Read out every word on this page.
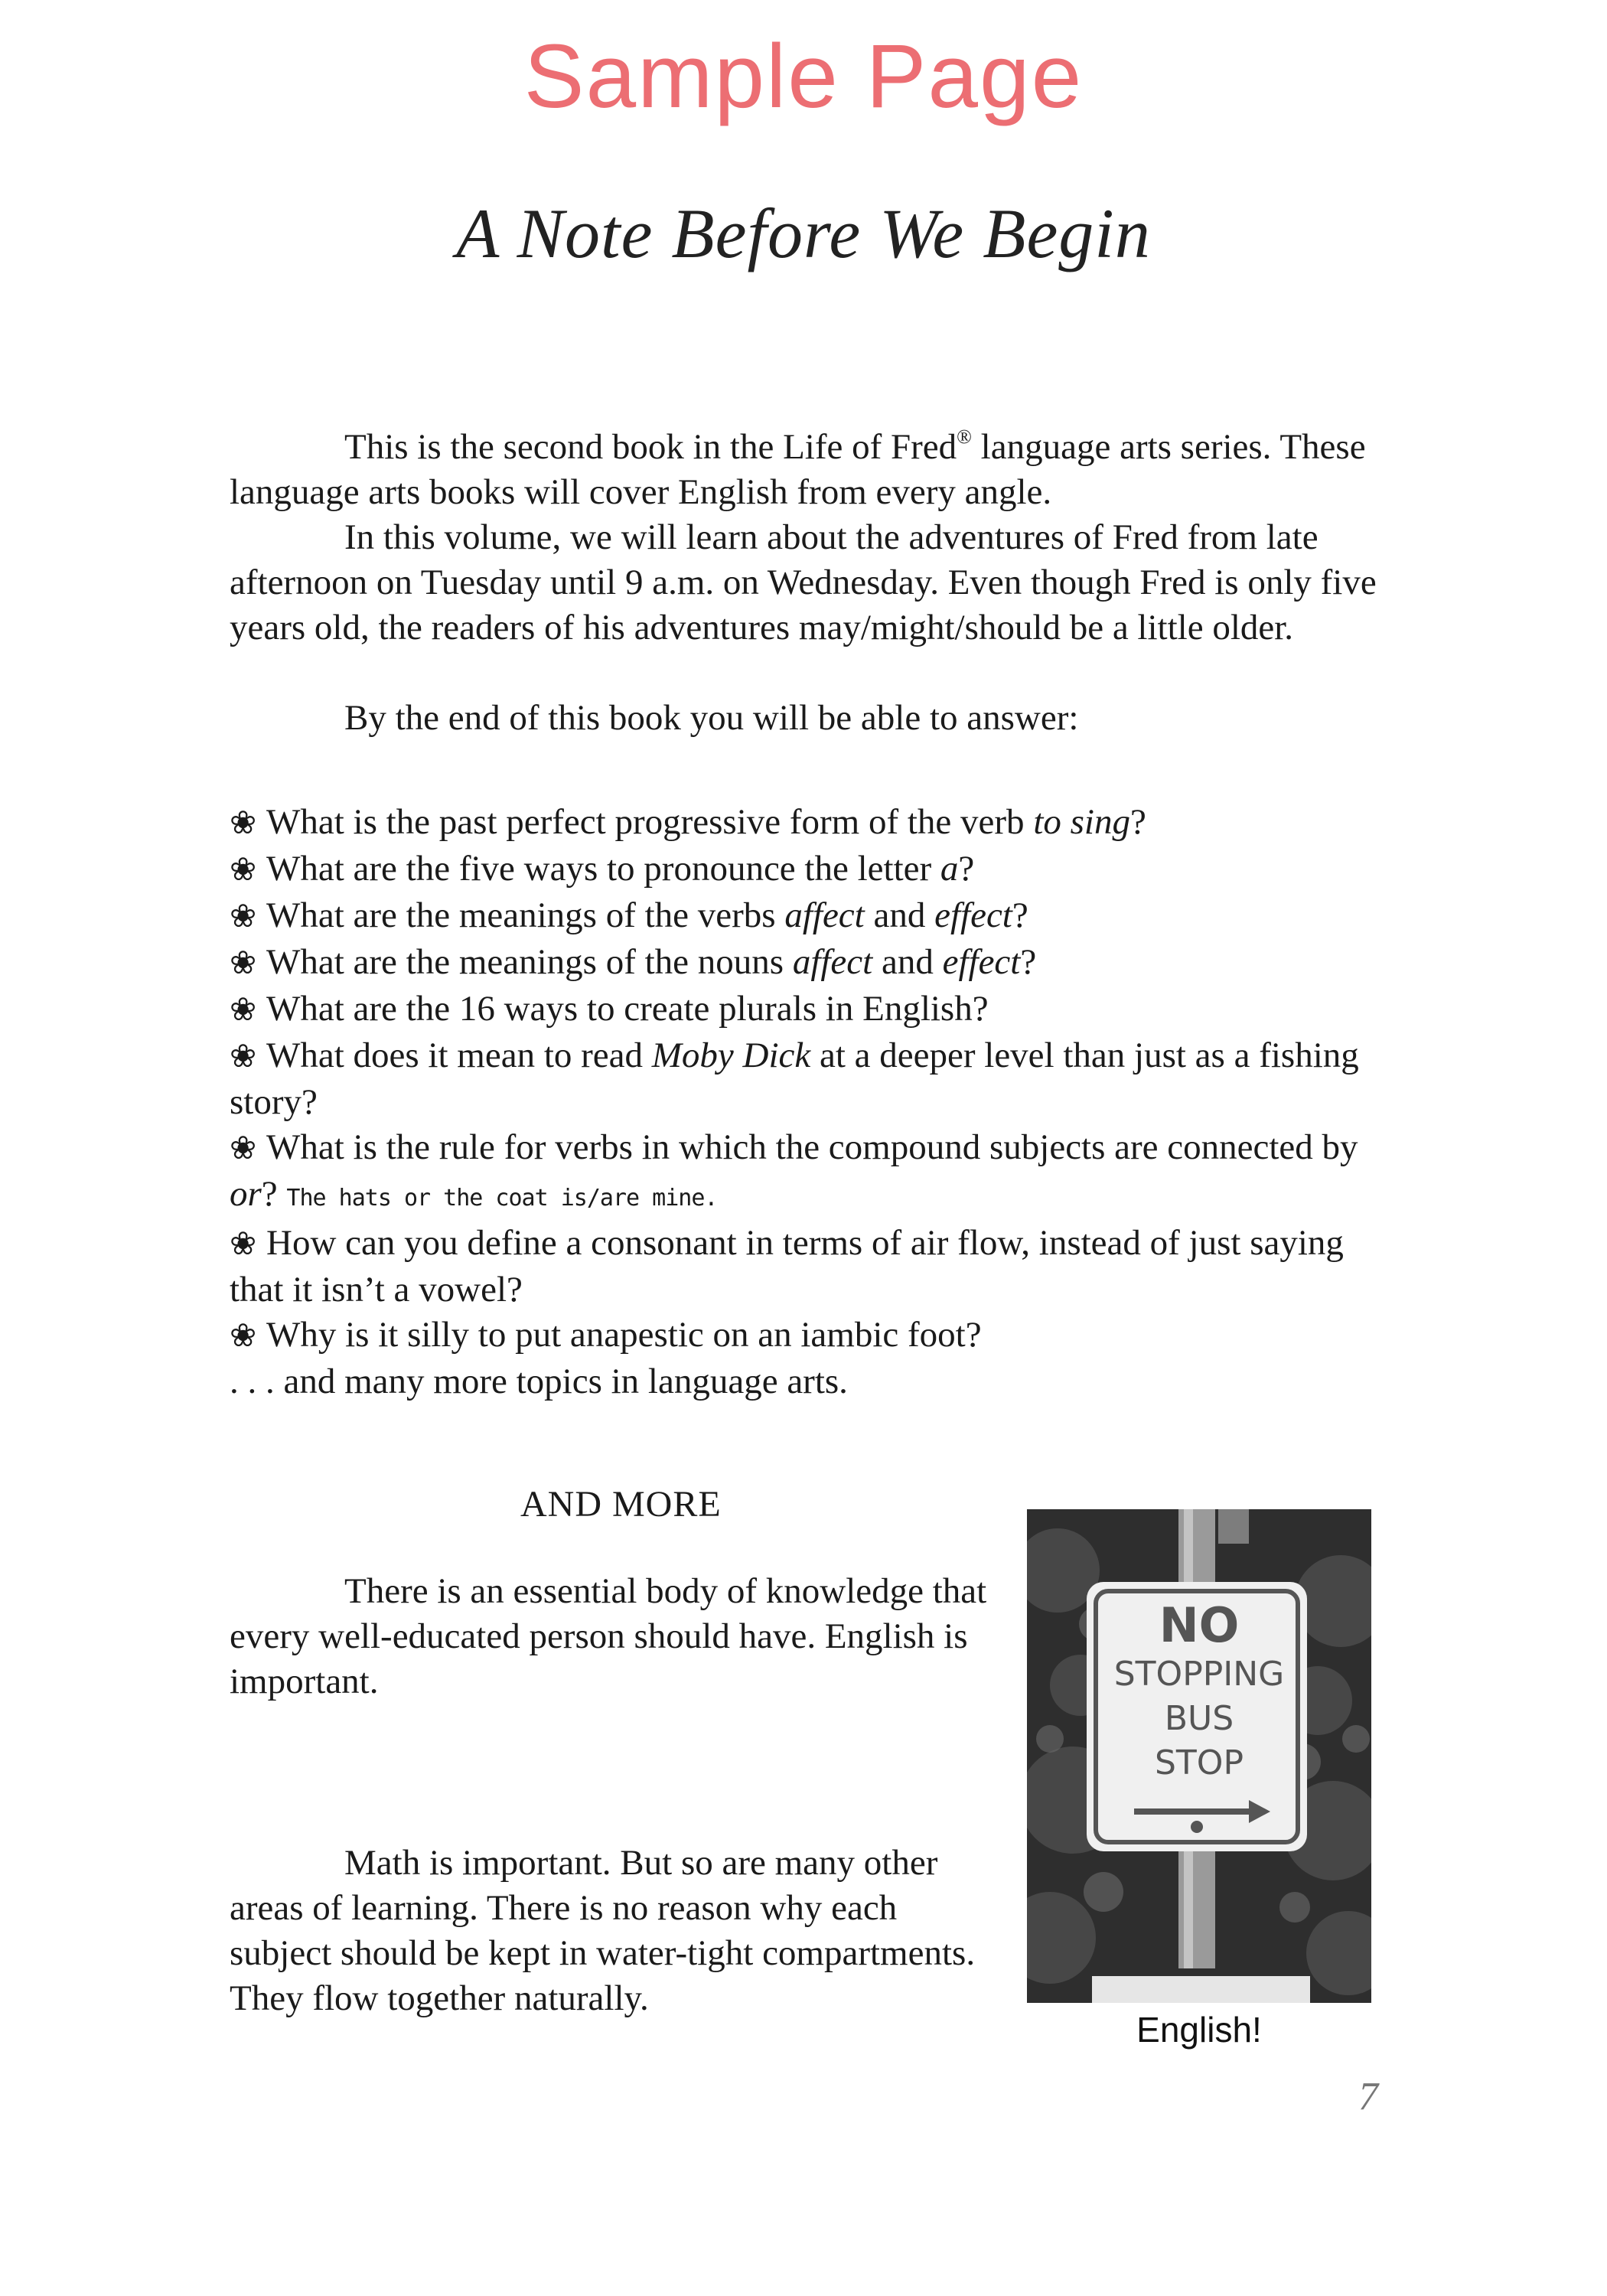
Sample Page
A Note Before We Begin

This is the second book in the Life of Fred® language arts series. These language arts books will cover English from every angle.

In this volume, we will learn about the adventures of Fred from late afternoon on Tuesday until 9 a.m. on Wednesday. Even though Fred is only five years old, the readers of his adventures may/might/should be a little older.

By the end of this book you will be able to answer:

❀ What is the past perfect progressive form of the verb to sing?

❀ What are the five ways to pronounce the letter a?

❀ What are the meanings of the verbs affect and effect?

❀ What are the meanings of the nouns affect and effect?

❀ What are the 16 ways to create plurals in English?

❀ What does it mean to read Moby Dick at a deeper level than just as a fishing story?

❀ What is the rule for verbs in which the compound subjects are connected by or? The hats or the coat is/are mine.

❀ How can you define a consonant in terms of air flow, instead of just saying that it isn’t a vowel?

❀ Why is it silly to put anapestic on an iambic foot?

. . . and many more topics in language arts.

AND MORE

There is an essential body of knowledge that every well-educated person should have. English is important.

Math is important. But so are many other areas of learning. There is no reason why each subject should be kept in water-tight compartments. They flow together naturally.

NO
STOPPING
BUS
STOP
English!
7
